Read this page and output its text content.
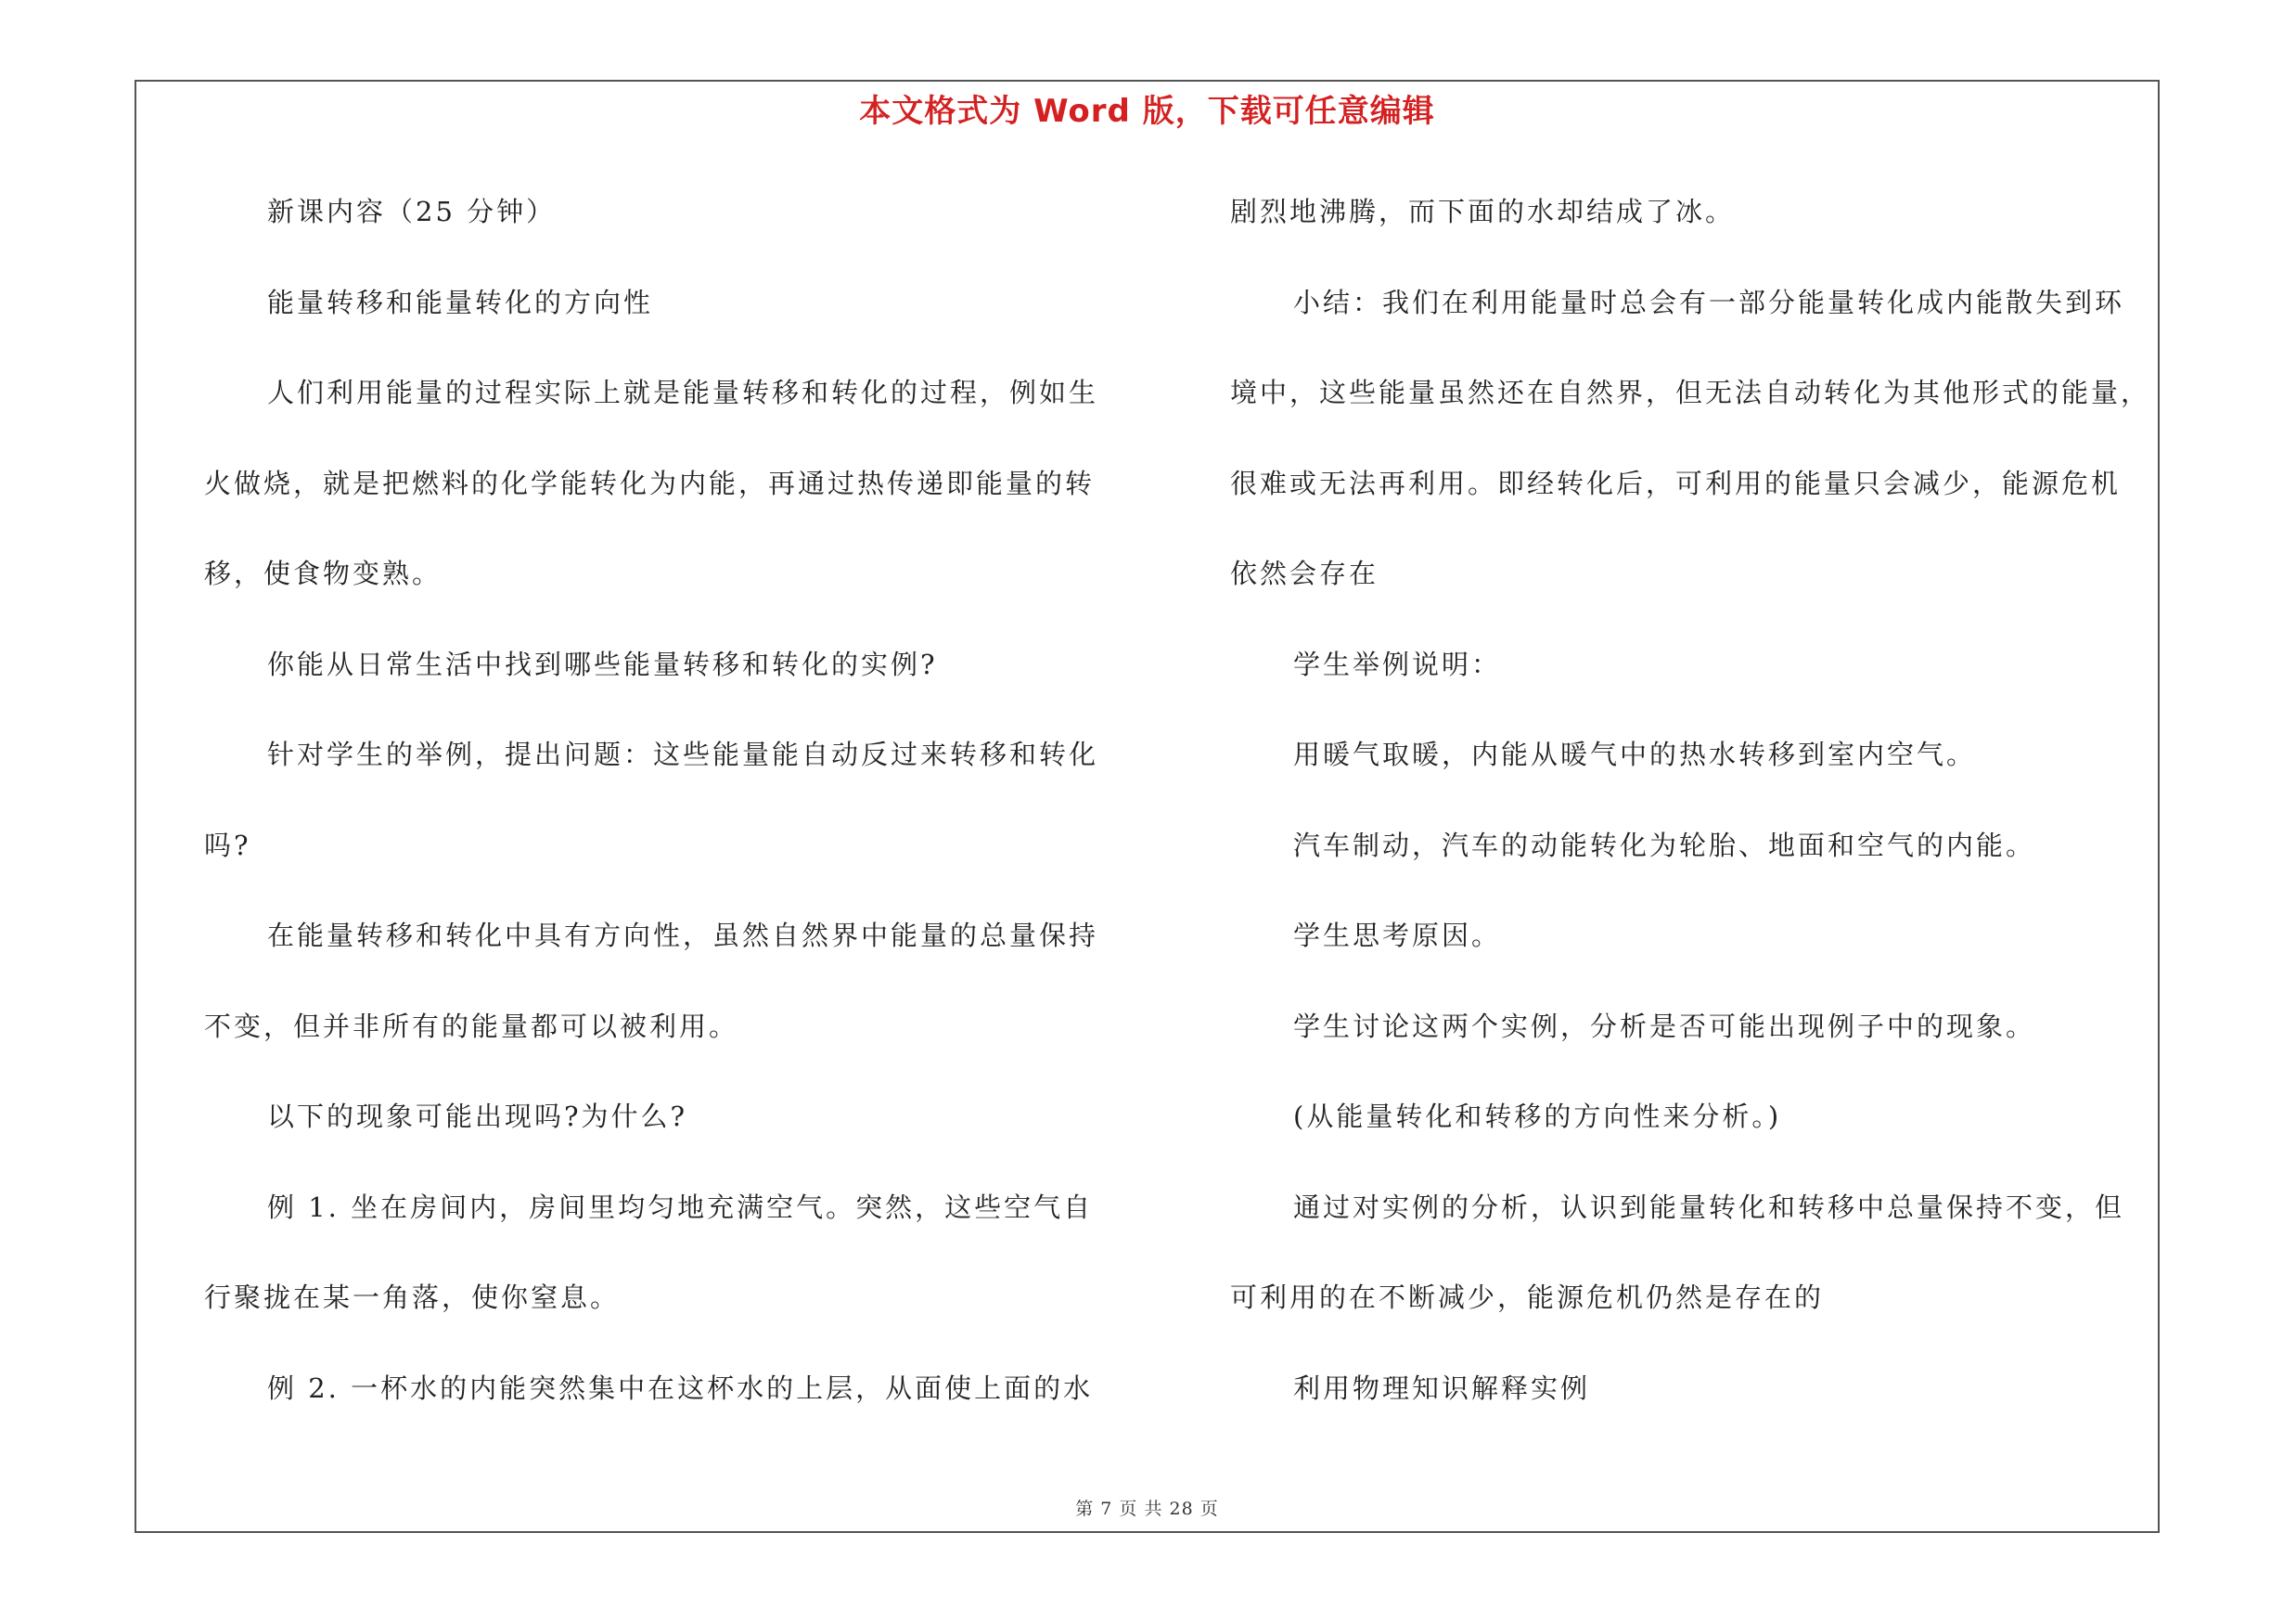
本文格式为 Word 版，下载可任意编辑
新课内容（25 分钟）
能量转移和能量转化的方向性
人们利用能量的过程实际上就是能量转移和转化的过程，例如生
火做烧，就是把燃料的化学能转化为内能，再通过热传递即能量的转
移，使食物变熟。
你能从日常生活中找到哪些能量转移和转化的实例?
针对学生的举例，提出问题：这些能量能自动反过来转移和转化
吗?
在能量转移和转化中具有方向性，虽然自然界中能量的总量保持
不变，但并非所有的能量都可以被利用。
以下的现象可能出现吗?为什么?
例 1. 坐在房间内，房间里均匀地充满空气。突然，这些空气自
行聚拢在某一角落，使你窒息。
例 2. 一杯水的内能突然集中在这杯水的上层，从面使上面的水
剧烈地沸腾，而下面的水却结成了冰。
小结：我们在利用能量时总会有一部分能量转化成内能散失到环
境中，这些能量虽然还在自然界，但无法自动转化为其他形式的能量，
很难或无法再利用。即经转化后，可利用的能量只会减少，能源危机
依然会存在
学生举例说明：
用暖气取暖，内能从暖气中的热水转移到室内空气。
汽车制动，汽车的动能转化为轮胎、地面和空气的内能。
学生思考原因。
学生讨论这两个实例，分析是否可能出现例子中的现象。
(从能量转化和转移的方向性来分析。)
通过对实例的分析，认识到能量转化和转移中总量保持不变，但
可利用的在不断减少，能源危机仍然是存在的
利用物理知识解释实例
第 7 页 共 28 页
